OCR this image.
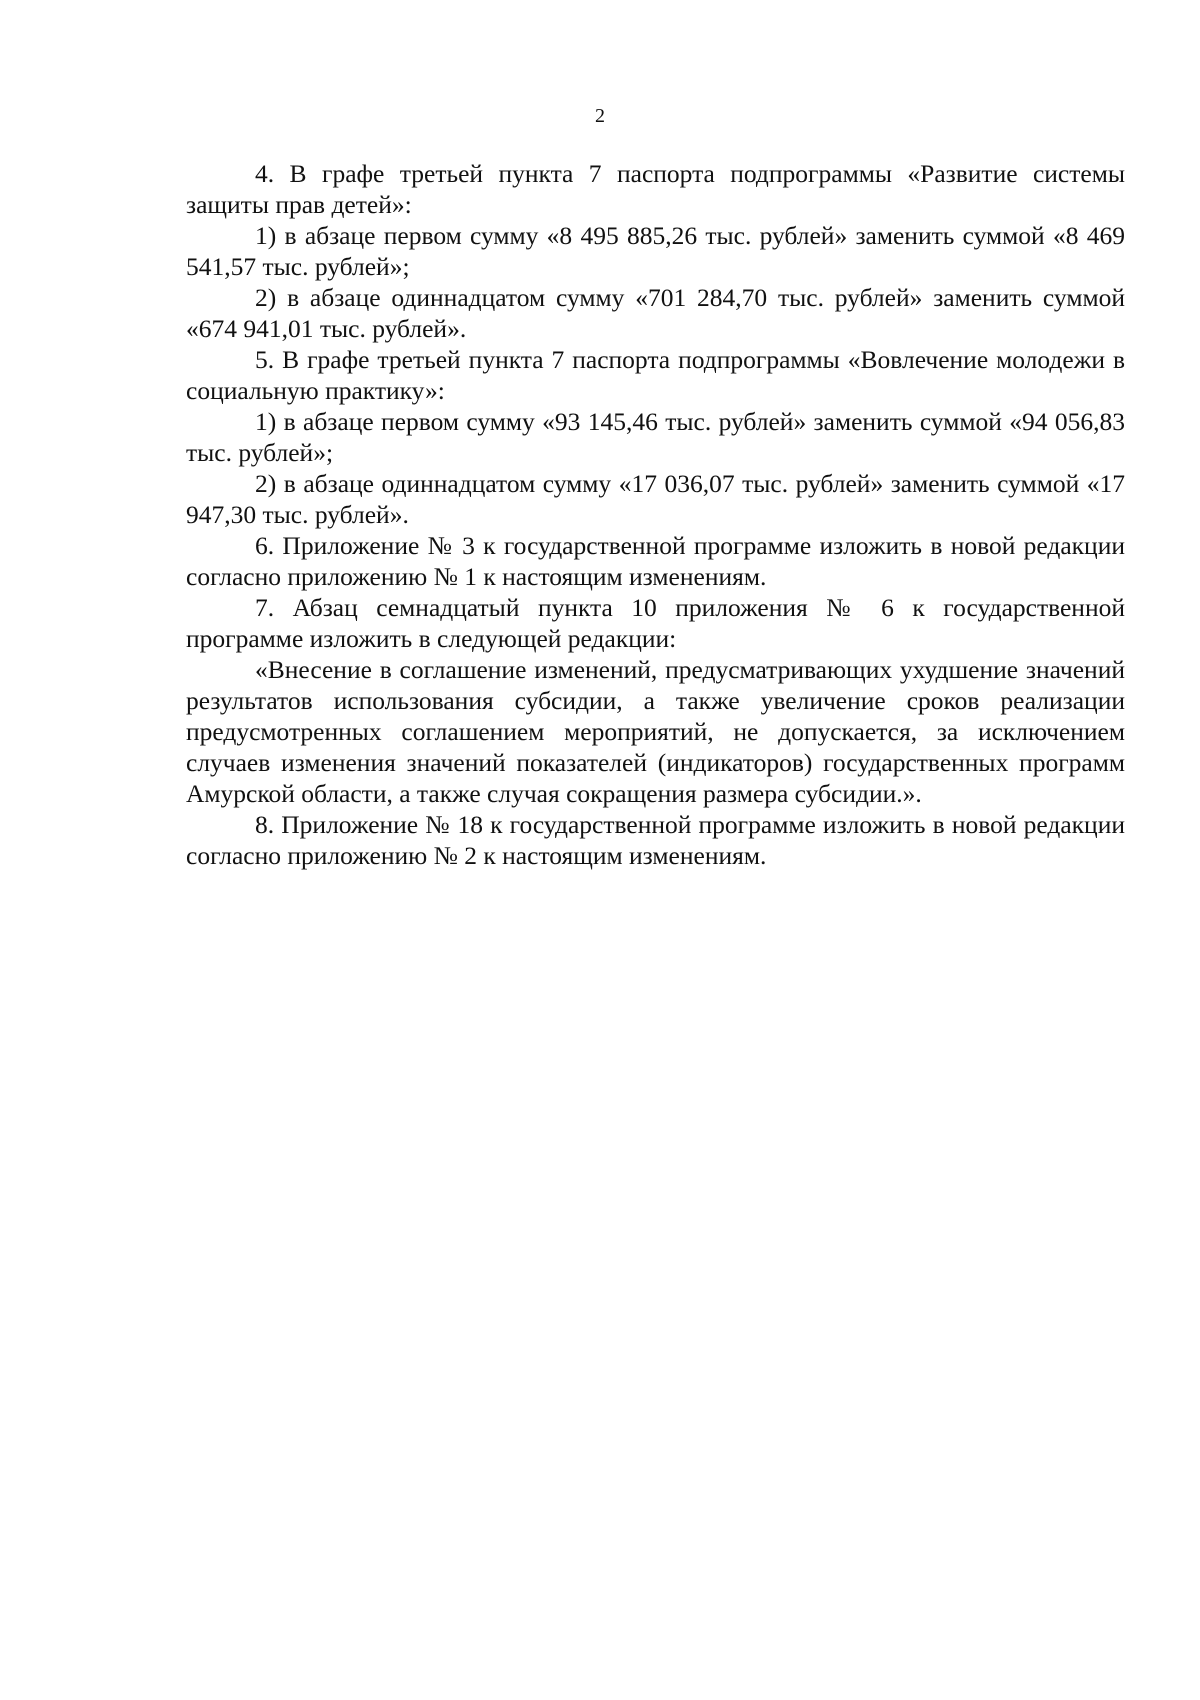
2

4. В графе третьей пункта 7 паспорта подпрограммы «Развитие системы защиты прав детей»:

1) в абзаце первом сумму «8 495 885,26 тыс. рублей» заменить суммой «8 469 541,57 тыс. рублей»;

2) в абзаце одиннадцатом сумму «701 284,70 тыс. рублей» заменить суммой «674 941,01 тыс. рублей».

5. В графе третьей пункта 7 паспорта подпрограммы «Вовлечение молодежи в социальную практику»:

1) в абзаце первом сумму «93 145,46 тыс. рублей» заменить суммой «94 056,83 тыс. рублей»;

2) в абзаце одиннадцатом сумму «17 036,07 тыс. рублей» заменить суммой «17 947,30 тыс. рублей».

6. Приложение № 3 к государственной программе изложить в новой редакции согласно приложению № 1 к настоящим изменениям.

7. Абзац семнадцатый пункта 10 приложения № 6 к государственной программе изложить в следующей редакции:

«Внесение в соглашение изменений, предусматривающих ухудшение значений результатов использования субсидии, а также увеличение сроков реализации предусмотренных соглашением мероприятий, не допускается, за исключением случаев изменения значений показателей (индикаторов) государственных программ Амурской области, а также случая сокращения размера субсидии.».

8. Приложение № 18 к государственной программе изложить в новой редакции согласно приложению № 2 к настоящим изменениям.
